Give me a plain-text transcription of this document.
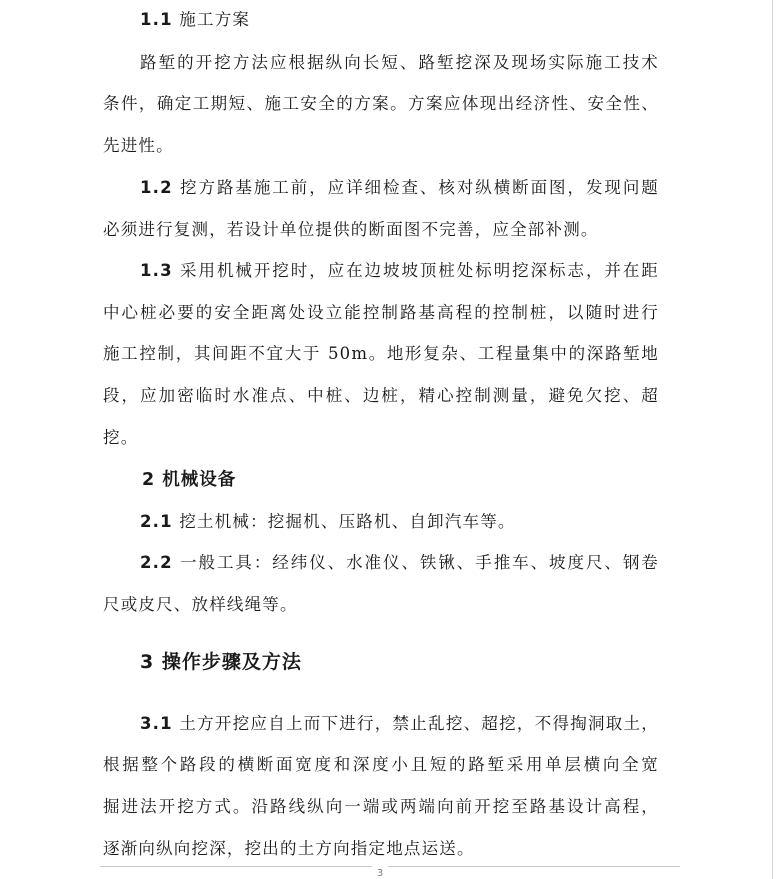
1.1 施工方案
路堑的开挖方法应根据纵向长短、路堑挖深及现场实际施工技术
条件，确定工期短、施工安全的方案。方案应体现出经济性、安全性、
先进性。
1.2 挖方路基施工前，应详细检查、核对纵横断面图，发现问题
必须进行复测，若设计单位提供的断面图不完善，应全部补测。
1.3 采用机械开挖时，应在边坡坡顶桩处标明挖深标志，并在距
中心桩必要的安全距离处设立能控制路基高程的控制桩，以随时进行
施工控制，其间距不宜大于 50m。地形复杂、工程量集中的深路堑地
段，应加密临时水准点、中桩、边桩，精心控制测量，避免欠挖、超
挖。
2 机械设备
2.1 挖土机械：挖掘机、压路机、自卸汽车等。
2.2 一般工具：经纬仪、水准仪、铁锹、手推车、坡度尺、钢卷
尺或皮尺、放样线绳等。
3 操作步骤及方法
3.1 土方开挖应自上而下进行，禁止乱挖、超挖，不得掏洞取土，
根据整个路段的横断面宽度和深度小且短的路堑采用单层横向全宽
掘进法开挖方式。沿路线纵向一端或两端向前开挖至路基设计高程，
逐渐向纵向挖深，挖出的土方向指定地点运送。
3
